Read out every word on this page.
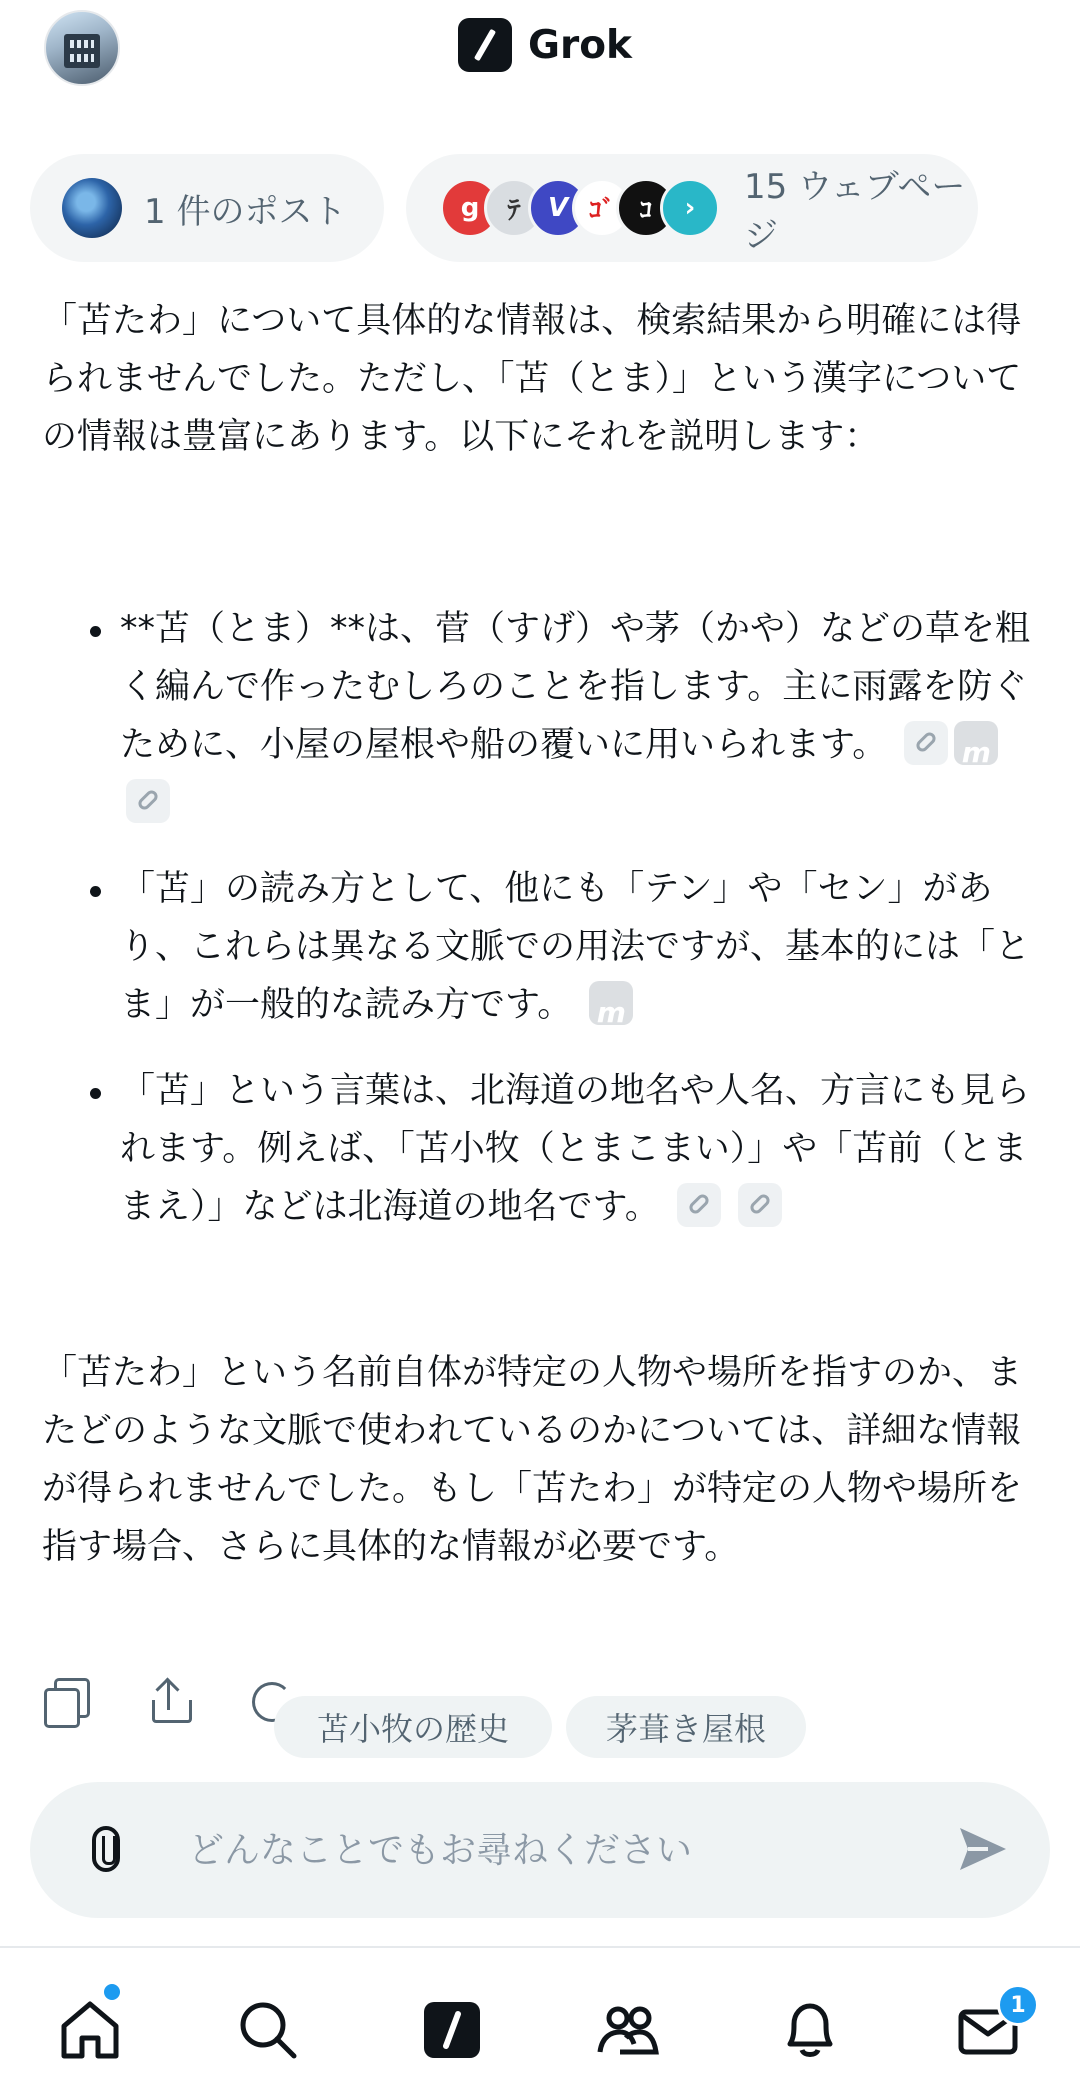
Grok
1 件のポスト	g	ﾃ	V ｺﾞ ｺ	›
15 ウェブページ
「苫たわ」について具体的な情報は、検索結果から明確には得られませんでした。ただし、「苫（とま）」という漢字についての情報は豊富にあります。以下にそれを説明します：
**苫（とま）**は、菅（すげ）や茅（かや）などの草を粗く編んで作ったむしろのことを指します。主に雨露を防ぐために、小屋の屋根や船の覆いに用いられます。 m
「苫」の読み方として、他にも「テン」や「セン」があり、これらは異なる文脈での用法ですが、基本的には「とま」が一般的な読み方です。 m
「苫」という言葉は、北海道の地名や人名、方言にも見られます。例えば、「苫小牧（とまこまい）」や「苫前（とままえ）」などは北海道の地名です。
「苫たわ」という名前自体が特定の人物や場所を指すのか、またどのような文脈で使われているのかについては、詳細な情報が得られませんでした。もし「苫たわ」が特定の人物や場所を指す場合、さらに具体的な情報が必要です。
苫小牧の歴史	茅葺き屋根
どんなことでもお尋ねください
1
